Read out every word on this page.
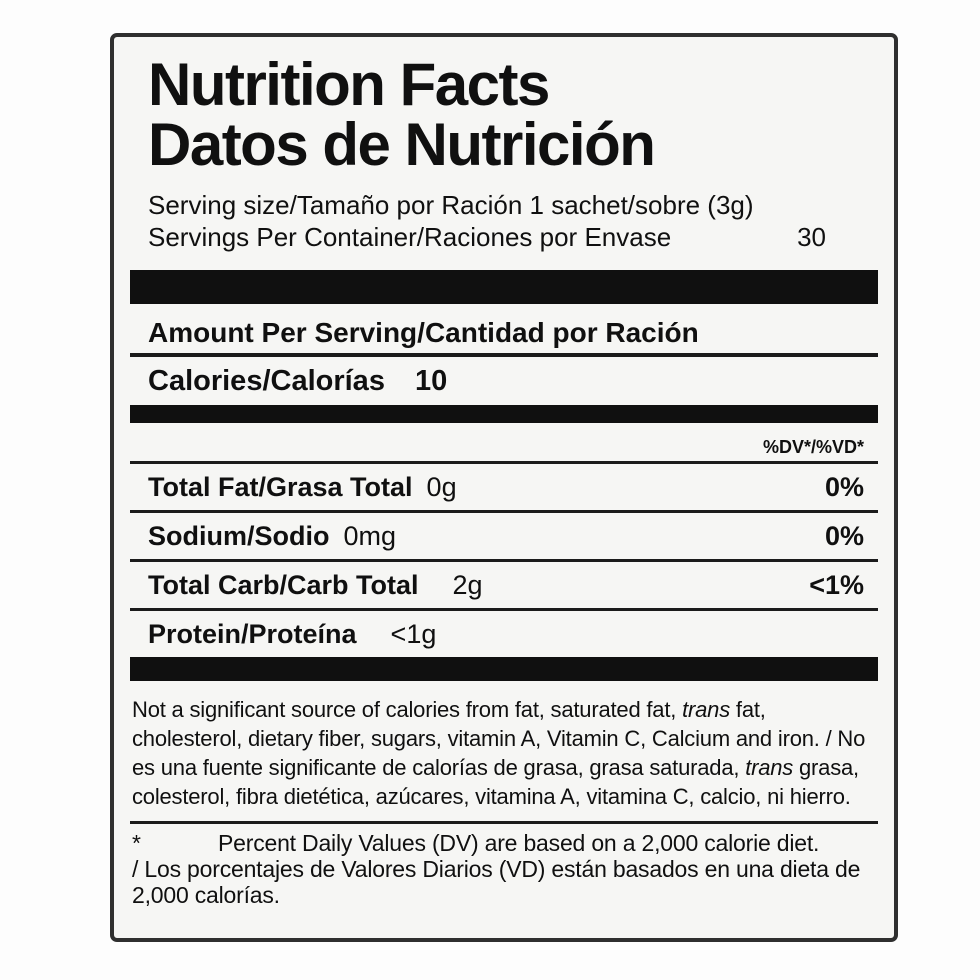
Nutrition Facts
Datos de Nutrición
Serving size/Tamaño por Ración 1 sachet/sobre (3g)
Servings Per Container/Raciones por Envase	30
Amount Per Serving/Cantidad por Ración
Calories/Calorías 10
%DV*/%VD*
Total Fat/Grasa Total 0g	0%
Sodium/Sodio 0mg	0%
Total Carb/Carb Total 2g	<1%
Protein/Proteína <1g

Not a significant source of calories from fat, saturated fat, trans fat, cholesterol, dietary fiber, sugars, vitamin A, Vitamin C, Calcium and iron. / No es una fuente significante de calorías de grasa, grasa saturada, trans grasa, colesterol, fibra dietética, azúcares, vitamina A, vitamina C, calcio, ni hierro.

*	Percent Daily Values (DV) are based on a 2,000 calorie diet.
/ Los porcentajes de Valores Diarios (VD) están basados en una dieta de 2,000 calorías.
